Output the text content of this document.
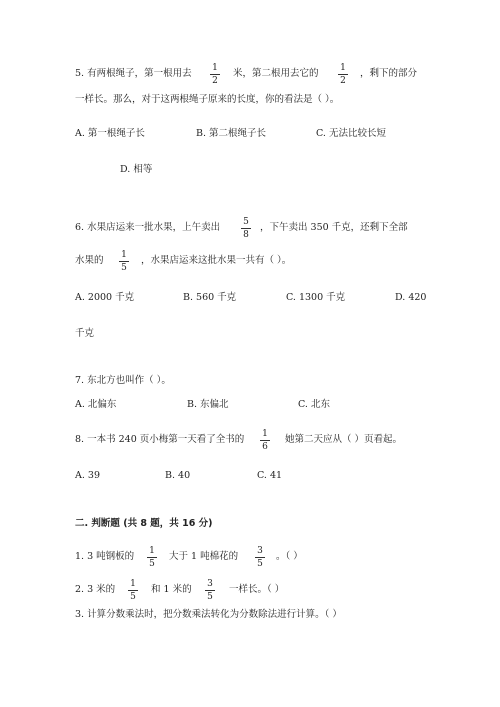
5. 有两根绳子，第一根用去	1
2
米，第二根用去它的	1
2
，剩下的部分
一样长。那么，对于这两根绳子原来的长度，你的看法是（ ）。
A. 第一根绳子长	B. 第二根绳子长	C. 无法比较长短
D. 相等
6. 水果店运来一批水果，上午卖出	5
8
，下午卖出 350 千克，还剩下全部
水果的	1
5
，水果店运来这批水果一共有（ ）。
A. 2000 千克	B. 560 千克	C. 1300 千克	D. 420
千克
7. 东北方也叫作（ ）。
A. 北偏东	B. 东偏北	C. 北东
8. 一本书 240 页小梅第一天看了全书的	1
6
她第二天应从（ ）页看起。
A. 39	B. 40	C. 41
二. 判断题 (共 8 题，共 16 分)
1. 3 吨钢板的	1
5
大于 1 吨棉花的	3
5
。（ ）
2. 3 米的	1
5
和 1 米的	3
5
一样长。（ ）
3. 计算分数乘法时，把分数乘法转化为分数除法进行计算。（ ）
